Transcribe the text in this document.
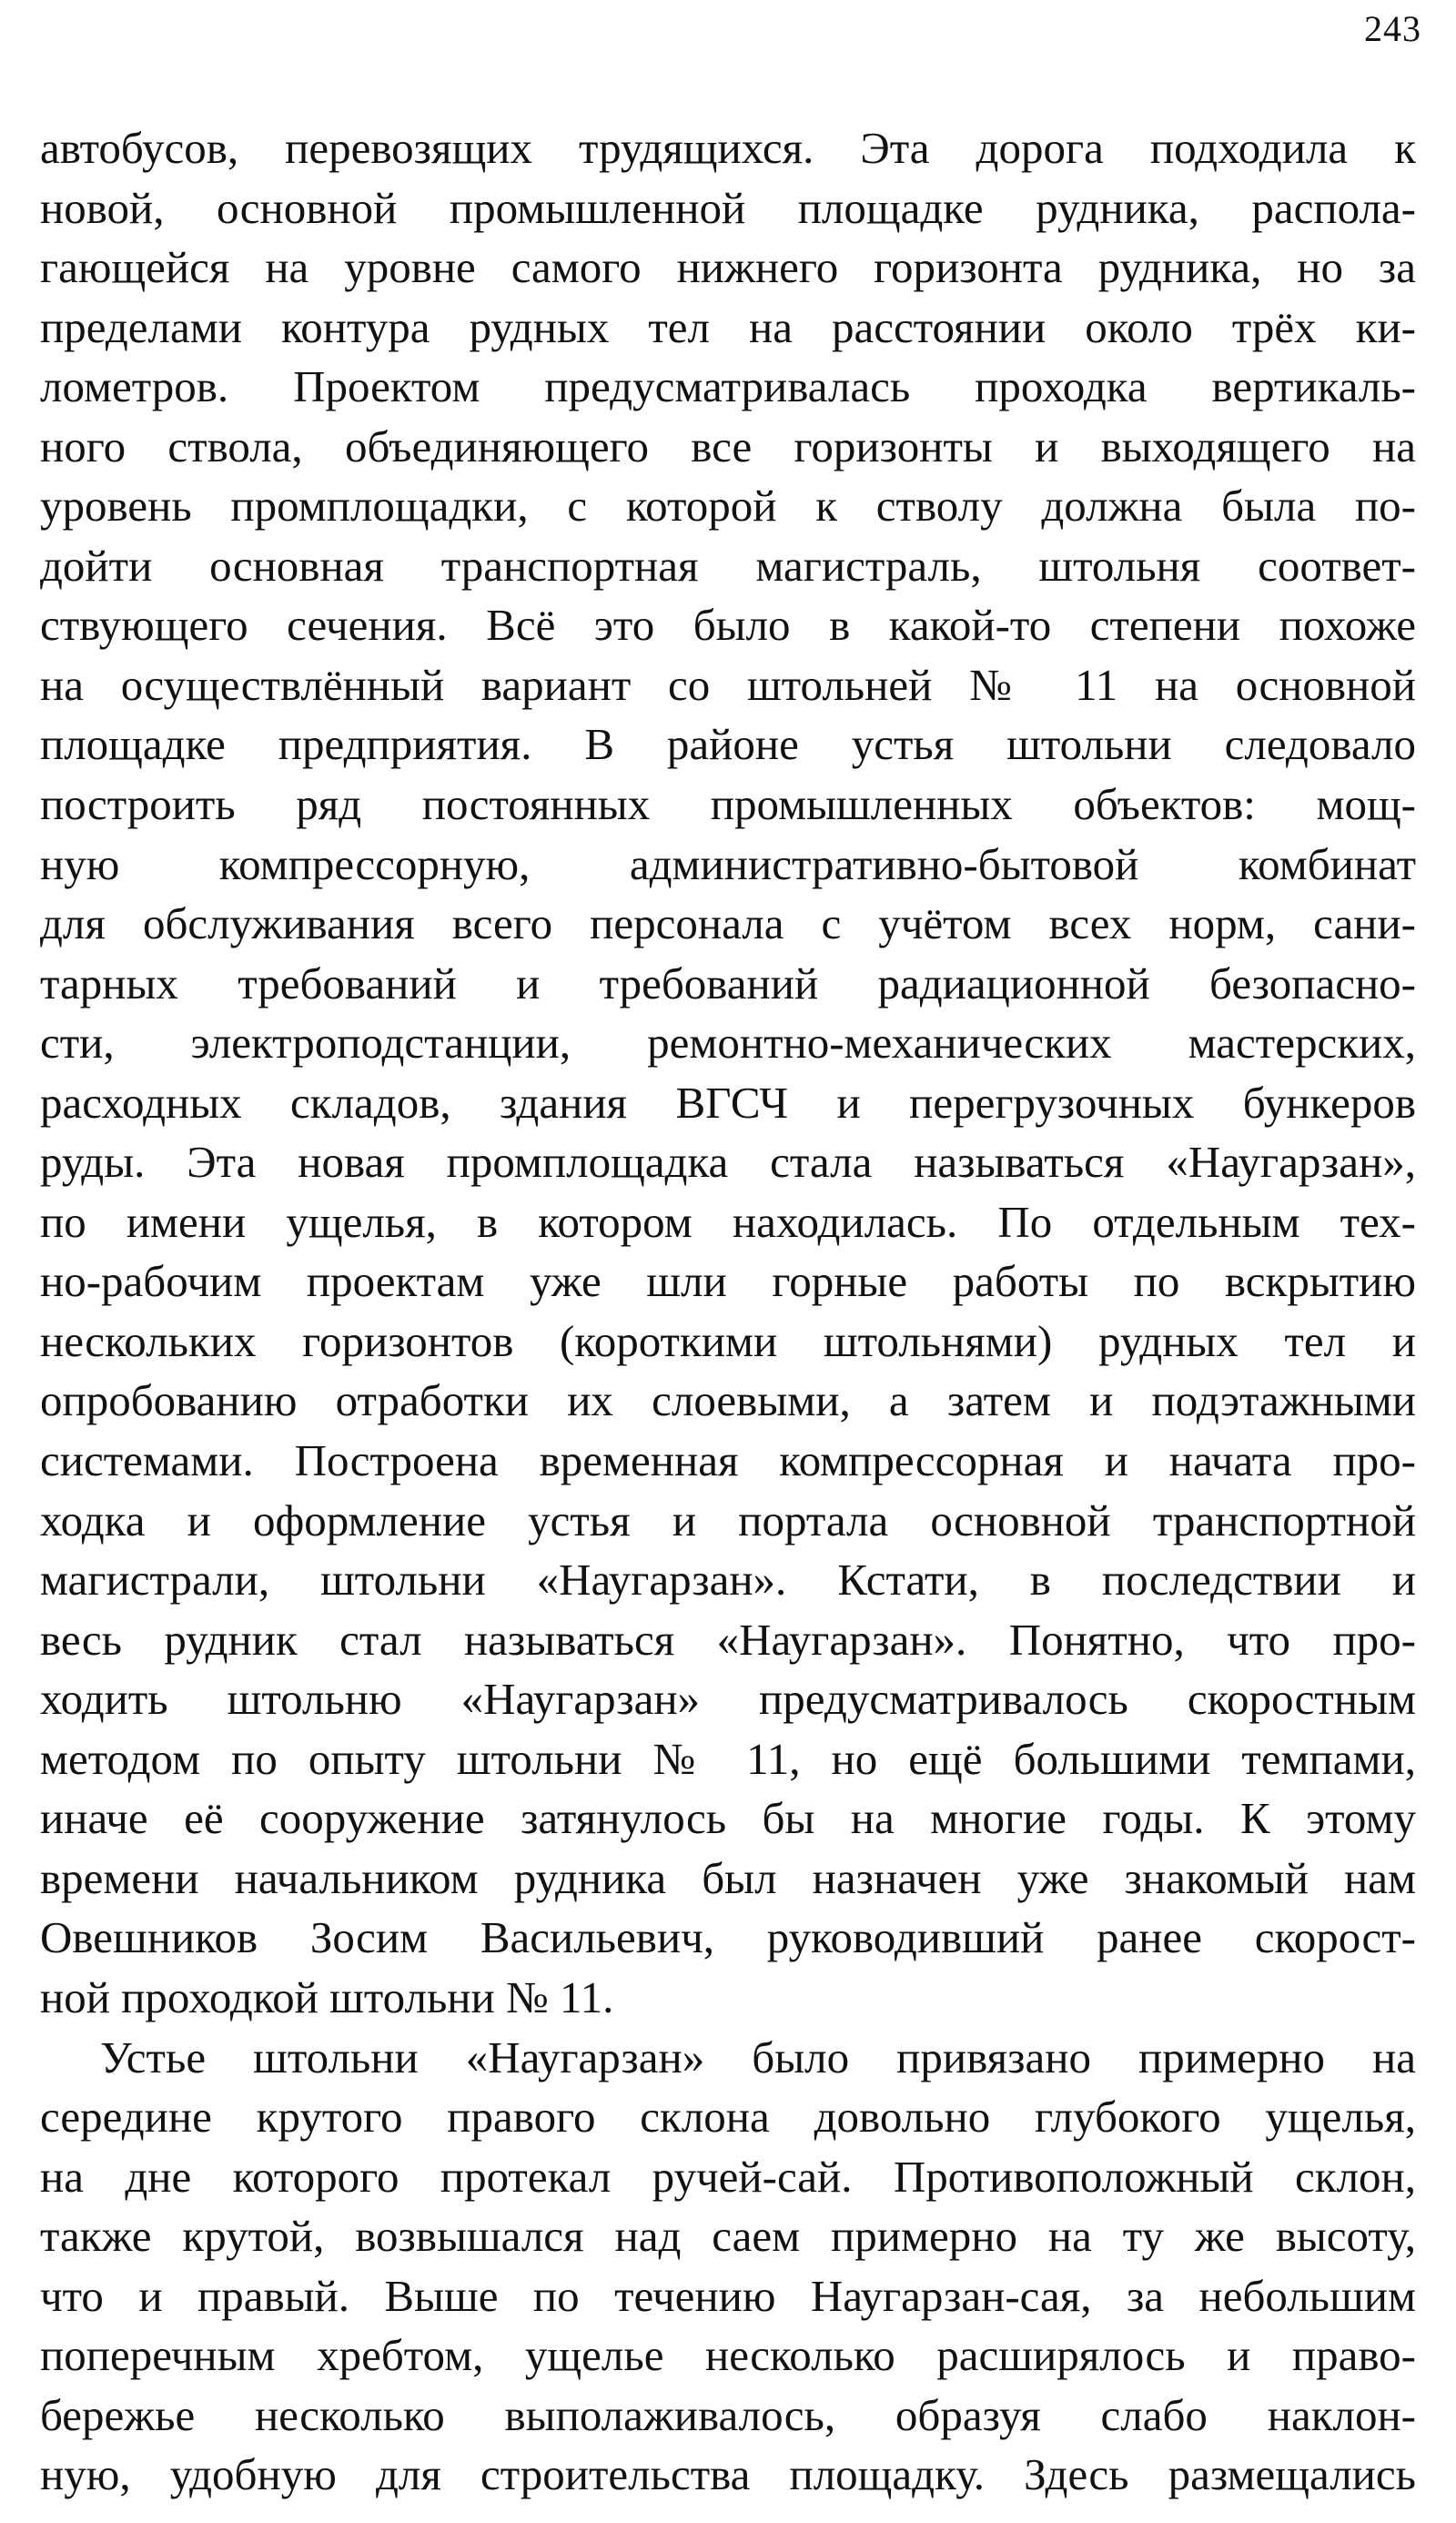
243
автобусов, перевозящих трудящихся. Эта дорога подходила к
новой, основной промышленной площадке рудника, распола-
гающейся на уровне самого нижнего горизонта рудника, но за
пределами контура рудных тел на расстоянии около трёх ки-
лометров. Проектом предусматривалась проходка вертикаль-
ного ствола, объединяющего все горизонты и выходящего на
уровень промплощадки, с которой к стволу должна была по-
дойти основная транспортная магистраль, штольня соответ-
ствующего сечения. Всё это было в какой-то степени похоже
на осуществлённый вариант со штольней № 11 на основной
площадке предприятия. В районе устья штольни следовало
построить ряд постоянных промышленных объектов: мощ-
ную компрессорную, административно-бытовой комбинат
для обслуживания всего персонала с учётом всех норм, сани-
тарных требований и требований радиационной безопасно-
сти, электроподстанции, ремонтно-механических мастерских,
расходных складов, здания ВГСЧ и перегрузочных бункеров
руды. Эта новая промплощадка стала называться «Наугарзан»,
по имени ущелья, в котором находилась. По отдельным тех-
но-рабочим проектам уже шли горные работы по вскрытию
нескольких горизонтов (короткими штольнями) рудных тел и
опробованию отработки их слоевыми, а затем и подэтажными
системами. Построена временная компрессорная и начата про-
ходка и оформление устья и портала основной транспортной
магистрали, штольни «Наугарзан». Кстати, в последствии и
весь рудник стал называться «Наугарзан». Понятно, что про-
ходить штольню «Наугарзан» предусматривалось скоростным
методом по опыту штольни № 11, но ещё большими темпами,
иначе её сооружение затянулось бы на многие годы. К этому
времени начальником рудника был назначен уже знакомый нам
Овешников Зосим Васильевич, руководивший ранее скорост-
ной проходкой штольни № 11.
Устье штольни «Наугарзан» было привязано примерно на
середине крутого правого склона довольно глубокого ущелья,
на дне которого протекал ручей-сай. Противоположный склон,
также крутой, возвышался над саем примерно на ту же высоту,
что и правый. Выше по течению Наугарзан-сая, за небольшим
поперечным хребтом, ущелье несколько расширялось и право-
бережье несколько выполаживалось, образуя слабо наклон-
ную, удобную для строительства площадку. Здесь размещались
